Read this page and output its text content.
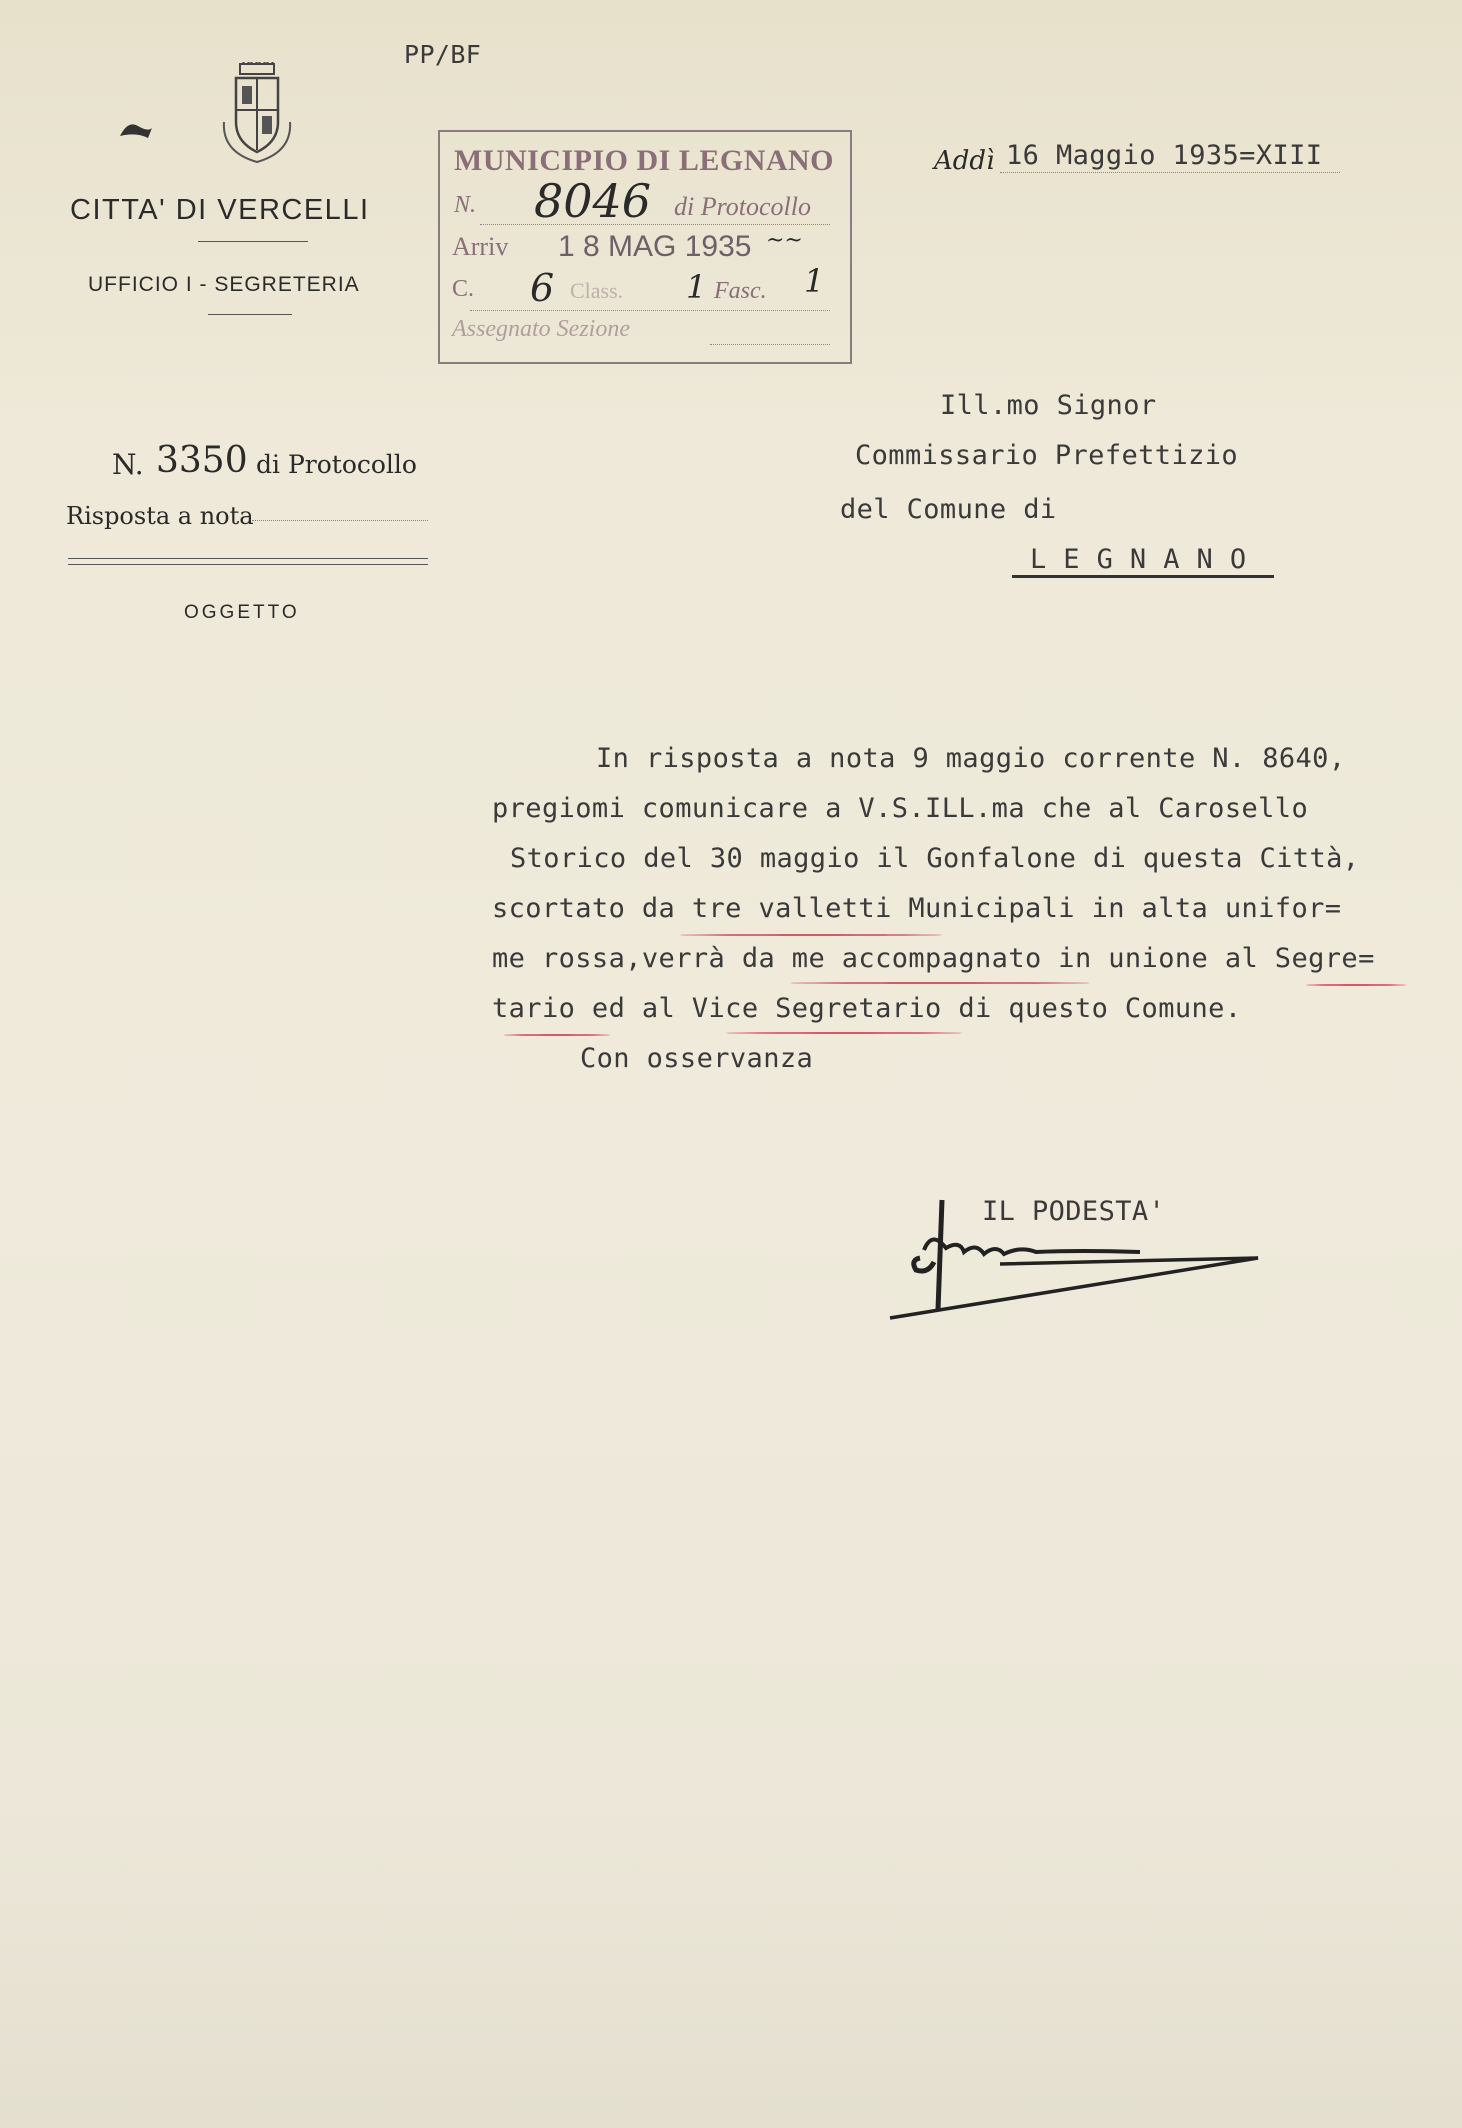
PP/BF
CITTA' DI VERCELLI
UFFICIO I - SEGRETERIA
Addì 16 Maggio 1935=XIII
MUNICIPIO DI LEGNANO
N. 8046 di Protocollo
Arriv 1 8 MAG 1935 ~~
C. 6 Class. 1 Fasc. 1
Assegnato Sezione
Ill.mo Signor
Commissario Prefettizio
del Comune di
L E G N A N O
N. 3350 di Protocollo
Risposta a nota
OGGETTO
In risposta a nota 9 maggio corrente N. 8640,
pregiomi comunicare a V.S.ILL.ma che al Carosello
Storico del 30 maggio il Gonfalone di questa Città,
scortato da tre valletti Municipali in alta unifor=
me rossa,verrà da me accompagnato in unione al Segre=
tario ed al Vice Segretario di questo Comune.
Con osservanza
IL PODESTA'
